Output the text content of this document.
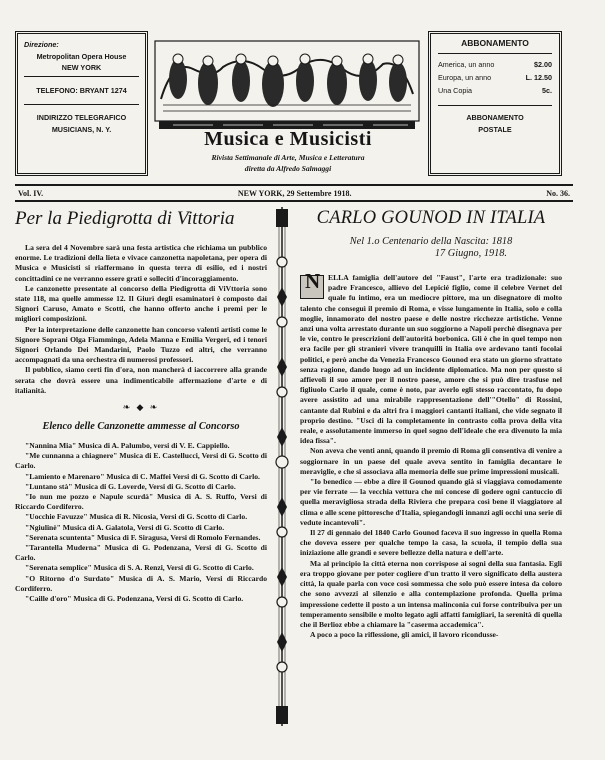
Direzione:
Metropolitan Opera House
NEW YORK
TELEFONO: BRYANT 1274
INDIRIZZO TELEGRAFICO
MUSICIANS, N. Y.	Musica e Musicisti
Rivista Settimanale di Arte, Musica e Letteratura
diretta da Alfredo Salmaggi
ABBONAMENTO
America, un anno	$2.00
Europa, un anno	L. 12.50
Una Copia	5c.
ABBONAMENTO
POSTALE
Vol. IV.	NEW YORK, 29 Settembre 1918.	No. 36.
Per la Piedigrotta di Vittoria

La sera del 4 Novembre sarà una festa artistica che richiama un pubblico enorme. Le tradizioni della lieta e vivace canzonetta napoletana, per opera di Musica e Musicisti si riaffermano in questa terra di esilio, ed i nostri concittadini ce ne verranno essere grati e solleciti d'incoraggiamento.

Le canzonette presentate al concorso della Piedigrotta di ViVttoria sono state 118, ma quelle ammesse 12. Il Giurì degli esaminatori è composto dai Signori Caruso, Amato e Scotti, che hanno offerto anche i premi per le migliori composizioni.

Per la interpretazione delle canzonette han concorso valenti artisti come le Signore Soprani Olga Fiammingo, Adela Manna e Emilia Vergeri, ed i tenori Signori Orlando Dei Mandarini, Paolo Tuzzo ed altri, che verranno accompagnati da una orchestra di numerosi professori.

Il pubblico, siamo certi fin d'ora, non mancherà d iaccorrere alla grande serata che dovrà essere una indimenticabile affermazione d'arte e di italianità.

❧ ◆ ❧
Elenco delle Canzonette ammesse al Concorso

"Nannina Mia" Musica di A. Palumbo, versi di V. E. Cappiello.

"Me cunnanna a chiagnere" Musica di E. Castellucci, Versi di G. Scotto di Carlo.

"Lamiento e Marenaro" Musica di C. Maffei Versi di G. Scotto di Carlo.

"Luntano stà" Musica di G. Loverde, Versi di G. Scotto di Carlo.

"Io nun me pozzo e Napule scurdà" Musica di A. S. Ruffo, Versi di Riccardo Cordiferro.

"Uocchie Favuzze" Musica di R. Nicosia, Versi di G. Scotto di Carlo.

"Ngiulinè" Musica di A. Galatola, Versi di G. Scotto di Carlo.

"Serenata scuntenta" Musica di F. Siragusa, Versi di Romolo Fernandes.

"Tarantella Muderna" Musica di G. Podenzana, Versi di G. Scotto di Carlo.

"Serenata semplice" Musica di S. A. Renzi, Versi di G. Scotto di Carlo.

"O Ritorno d'o Surdato" Musica di A. S. Mario, Versi di Riccardo Cordiferro.

"Caille d'oro" Musica di G. Podenzana, Versi di G. Scotto di Carlo.

CARLO GOUNOD IN ITALIA
Nel 1.o Centenario della Nascita: 1818
17 Giugno, 1918.
N	ELLA famiglia dell'autore del "Faust", l'arte era tradizionale: suo padre Francesco, allievo del Lepicié figlio, come il celebre Vernet del quale fu intimo, era un mediocre pittore, ma un disegnatore di molto talento che conseguì il premio di Roma, e visse lungamente in Italia, solo e colla moglie, innamorato del nostro paese e delle nostre ricchezze artistiche. Venne anzi una volta arrestato durante un suo soggiorno a Napoli perchè disegnava per le vie, contro le prescrizioni dell'autorità borbonica. Gli è che in quel tempo non era facile per gli stranieri vivere tranquilli in Italia ove ardevano tanti focolai politici, e però anche da Venezia Francesco Gounod era stato un giorno sfrattato senza ragione, dando luogo ad un incidente diplomatico. Ma non per questo si affievolì il suo amore per il nostro paese, amore che si può dire trasfuse nel figliuolo Carlo il quale, come è noto, par averlo egli stesso raccontato, fu dopo avere assistito ad una mirabile rappresentazione dell'"Otello" di Rossini, cantante dal Rubini e da altri fra i maggiori cantanti italiani, che vide segnato il proprio destino. "Usci di la completamente in contrasto colla prova della vita reale, e assolutamente immerso in quel sogno dell'ideale che era divenuto la mia idea fissa".

Non aveva che venti anni, quando il premio di Roma gli consentiva di venire a soggiornare in un paese del quale aveva sentito in famiglia decantare le meraviglie, e che si associava alla memoria delle sue prime impressioni musicali.

"Io benedico — ebbe a dire il Gounod quando già si viaggiava comodamente per vie ferrate — la vecchia vettura che mi concese di godere ogni cantuccio di quella meravigliosa strada della Riviera che prepara così bene il viaggiatore al clima e alle scene pittoresche d'Italia, spiegandogli innanzi agli occhi una serie di vedute incantevoli".

Il 27 di gennaio del 1840 Carlo Gounod faceva il suo ingresso in quella Roma che doveva essere per qualche tempo la casa, la scuola, il tempio della sua iniziazione alle grandi e severe bellezze della natura e dell'arte.

Ma al principio la città eterna non corrispose ai sogni della sua fantasia. Egli era troppo giovane per poter cogliere d'un tratto il vero significato della austera città, la quale parla con voce così sommessa che solo può essere intesa da coloro che sono avvezzi al silenzio e alla contemplazione profonda. Quella prima impressione cedette il posto a un intensa malinconia cui forse contribuiva per un temperamento sensibile e molto legato agli affatti famigliari, la serenità di quella che il Berlioz ebbe a chiamare la "caserma accademica".

A poco a poco la riflessione, gli amici, il lavoro ricondusse-
